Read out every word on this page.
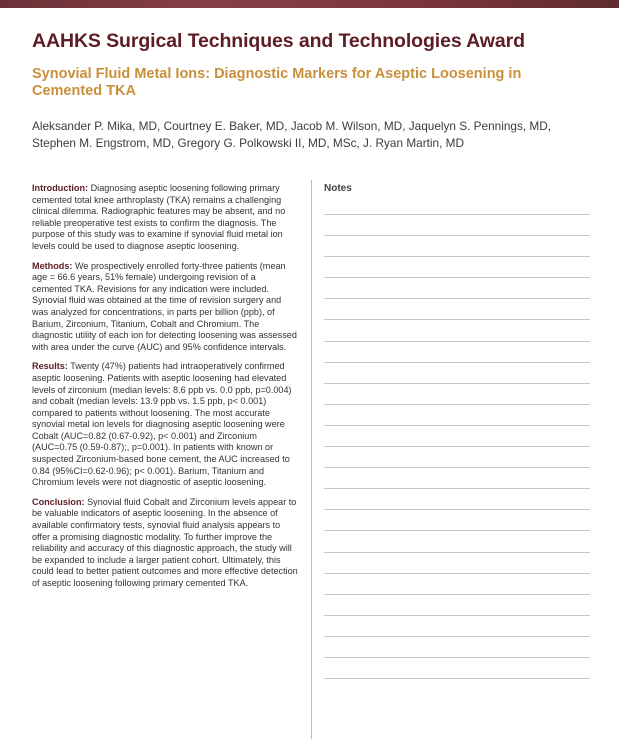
AAHKS Surgical Techniques and Technologies Award
Synovial Fluid Metal Ions: Diagnostic Markers for Aseptic Loosening in Cemented TKA
Aleksander P. Mika, MD, Courtney E. Baker, MD, Jacob M. Wilson, MD, Jaquelyn S. Pennings, MD,
Stephen M. Engstrom, MD, Gregory G. Polkowski II, MD, MSc, J. Ryan Martin, MD

Introduction: Diagnosing aseptic loosening following primary cemented total knee arthroplasty (TKA) remains a challenging clinical dilemma. Radiographic features may be absent, and no reliable preoperative test exists to confirm the diagnosis. The purpose of this study was to examine if synovial fluid metal ion levels could be used to diagnose aseptic loosening.

Methods: We prospectively enrolled forty-three patients (mean age = 66.6 years, 51% female) undergoing revision of a cemented TKA. Revisions for any indication were included. Synovial fluid was obtained at the time of revision surgery and was analyzed for concentrations, in parts per billion (ppb), of Barium, Zirconium, Titanium, Cobalt and Chromium. The diagnostic utility of each ion for detecting loosening was assessed with area under the curve (AUC) and 95% confidence intervals.

Results: Twenty (47%) patients had intraoperatively confirmed aseptic loosening. Patients with aseptic loosening had elevated levels of zirconium (median levels: 8.6 ppb vs. 0.0 ppb, p=0.004) and cobalt (median levels: 13.9 ppb vs. 1.5 ppb, p< 0.001) compared to patients without loosening. The most accurate synovial metal ion levels for diagnosing aseptic loosening were Cobalt (AUC=0.82 (0.67-0.92), p< 0.001) and Zirconium (AUC=0.75 (0.59-0.87);, p=0.001). In patients with known or suspected Zirconium-based bone cement, the AUC increased to 0.84 (95%CI=0.62-0.96); p< 0.001). Barium, Titanium and Chromium levels were not diagnostic of aseptic loosening.

Conclusion: Synovial fluid Cobalt and Zirconium levels appear to be valuable indicators of aseptic loosening. In the absence of available confirmatory tests, synovial fluid analysis appears to offer a promising diagnostic modality. To further improve the reliability and accuracy of this diagnostic approach, the study will be expanded to include a larger patient cohort. Ultimately, this could lead to better patient outcomes and more effective detection of aseptic loosening following primary cemented TKA.

Notes
